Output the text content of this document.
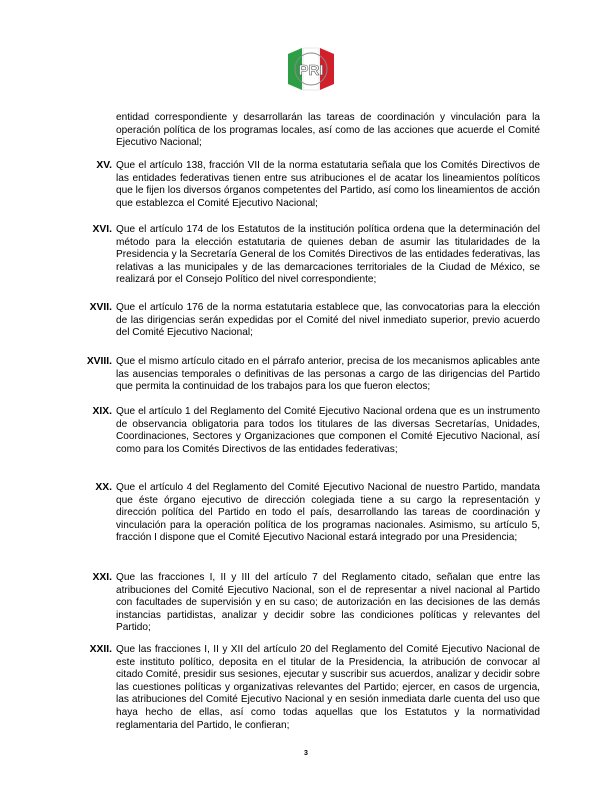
PRI
entidad correspondiente y desarrollarán las tareas de coordinación y vinculación para la operación política de los programas locales, así como de las acciones que acuerde el Comité Ejecutivo Nacional;
XV. Que el artículo 138, fracción VII de la norma estatutaria señala que los Comités Directivos de las entidades federativas tienen entre sus atribuciones el de acatar los lineamientos políticos que le fijen los diversos órganos competentes del Partido, así como los lineamientos de acción que establezca el Comité Ejecutivo Nacional;
XVI. Que el artículo 174 de los Estatutos de la institución política ordena que la determinación del método para la elección estatutaria de quienes deban de asumir las titularidades de la Presidencia y la Secretaría General de los Comités Directivos de las entidades federativas, las relativas a las municipales y de las demarcaciones territoriales de la Ciudad de México, se realizará por el Consejo Político del nivel correspondiente;
XVII. Que el artículo 176 de la norma estatutaria establece que, las convocatorias para la elección de las dirigencias serán expedidas por el Comité del nivel inmediato superior, previo acuerdo del Comité Ejecutivo Nacional;
XVIII. Que el mismo artículo citado en el párrafo anterior, precisa de los mecanismos aplicables ante las ausencias temporales o definitivas de las personas a cargo de las dirigencias del Partido que permita la continuidad de los trabajos para los que fueron electos;
XIX. Que el artículo 1 del Reglamento del Comité Ejecutivo Nacional ordena que es un instrumento de observancia obligatoria para todos los titulares de las diversas Secretarías, Unidades, Coordinaciones, Sectores y Organizaciones que componen el Comité Ejecutivo Nacional, así como para los Comités Directivos de las entidades federativas;
XX. Que el artículo 4 del Reglamento del Comité Ejecutivo Nacional de nuestro Partido, mandata que éste órgano ejecutivo de dirección colegiada tiene a su cargo la representación y dirección política del Partido en todo el país, desarrollando las tareas de coordinación y vinculación para la operación política de los programas nacionales. Asimismo, su artículo 5, fracción I dispone que el Comité Ejecutivo Nacional estará integrado por una Presidencia;
XXI. Que las fracciones I, II y III del artículo 7 del Reglamento citado, señalan que entre las atribuciones del Comité Ejecutivo Nacional, son el de representar a nivel nacional al Partido con facultades de supervisión y en su caso; de autorización en las decisiones de las demás instancias partidistas, analizar y decidir sobre las condiciones políticas y relevantes del Partido;
XXII. Que las fracciones I, II y XII del artículo 20 del Reglamento del Comité Ejecutivo Nacional de este instituto político, deposita en el titular de la Presidencia, la atribución de convocar al citado Comité, presidir sus sesiones, ejecutar y suscribir sus acuerdos, analizar y decidir sobre las cuestiones políticas y organizativas relevantes del Partido; ejercer, en casos de urgencia, las atribuciones del Comité Ejecutivo Nacional y en sesión inmediata darle cuenta del uso que haya hecho de ellas, así como todas aquellas que los Estatutos y la normatividad reglamentaria del Partido, le confieran;
3
